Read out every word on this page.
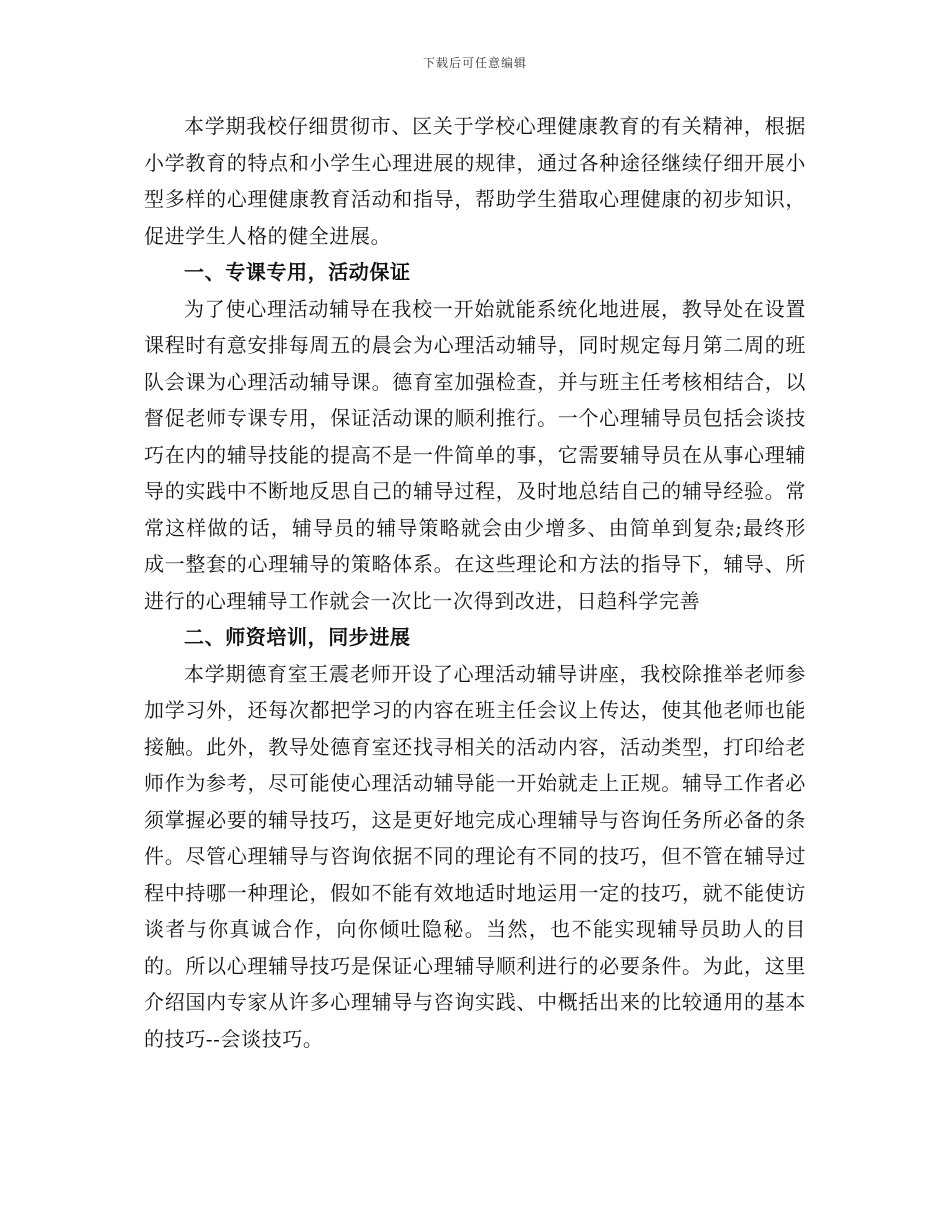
下载后可任意编辑

本学期我校仔细贯彻市、区关于学校心理健康教育的有关精神，根据小学教育的特点和小学生心理进展的规律，通过各种途径继续仔细开展小型多样的心理健康教育活动和指导，帮助学生猎取心理健康的初步知识，促进学生人格的健全进展。

一、专课专用，活动保证

为了使心理活动辅导在我校一开始就能系统化地进展，教导处在设置课程时有意安排每周五的晨会为心理活动辅导，同时规定每月第二周的班队会课为心理活动辅导课。德育室加强检查，并与班主任考核相结合，以督促老师专课专用，保证活动课的顺利推行。一个心理辅导员包括会谈技巧在内的辅导技能的提高不是一件简单的事，它需要辅导员在从事心理辅导的实践中不断地反思自己的辅导过程，及时地总结自己的辅导经验。常常这样做的话，辅导员的辅导策略就会由少增多、由简单到复杂;最终形成一整套的心理辅导的策略体系。在这些理论和方法的指导下，辅导、所进行的心理辅导工作就会一次比一次得到改进，日趋科学完善

二、师资培训，同步进展

本学期德育室王震老师开设了心理活动辅导讲座，我校除推举老师参加学习外，还每次都把学习的内容在班主任会议上传达，使其他老师也能接触。此外，教导处德育室还找寻相关的活动内容，活动类型，打印给老师作为参考，尽可能使心理活动辅导能一开始就走上正规。辅导工作者必须掌握必要的辅导技巧，这是更好地完成心理辅导与咨询任务所必备的条件。尽管心理辅导与咨询依据不同的理论有不同的技巧，但不管在辅导过程中持哪一种理论，假如不能有效地适时地运用一定的技巧，就不能使访谈者与你真诚合作，向你倾吐隐秘。当然，也不能实现辅导员助人的目的。所以心理辅导技巧是保证心理辅导顺利进行的必要条件。为此，这里介绍国内专家从许多心理辅导与咨询实践、中概括出来的比较通用的基本的技巧--会谈技巧。
